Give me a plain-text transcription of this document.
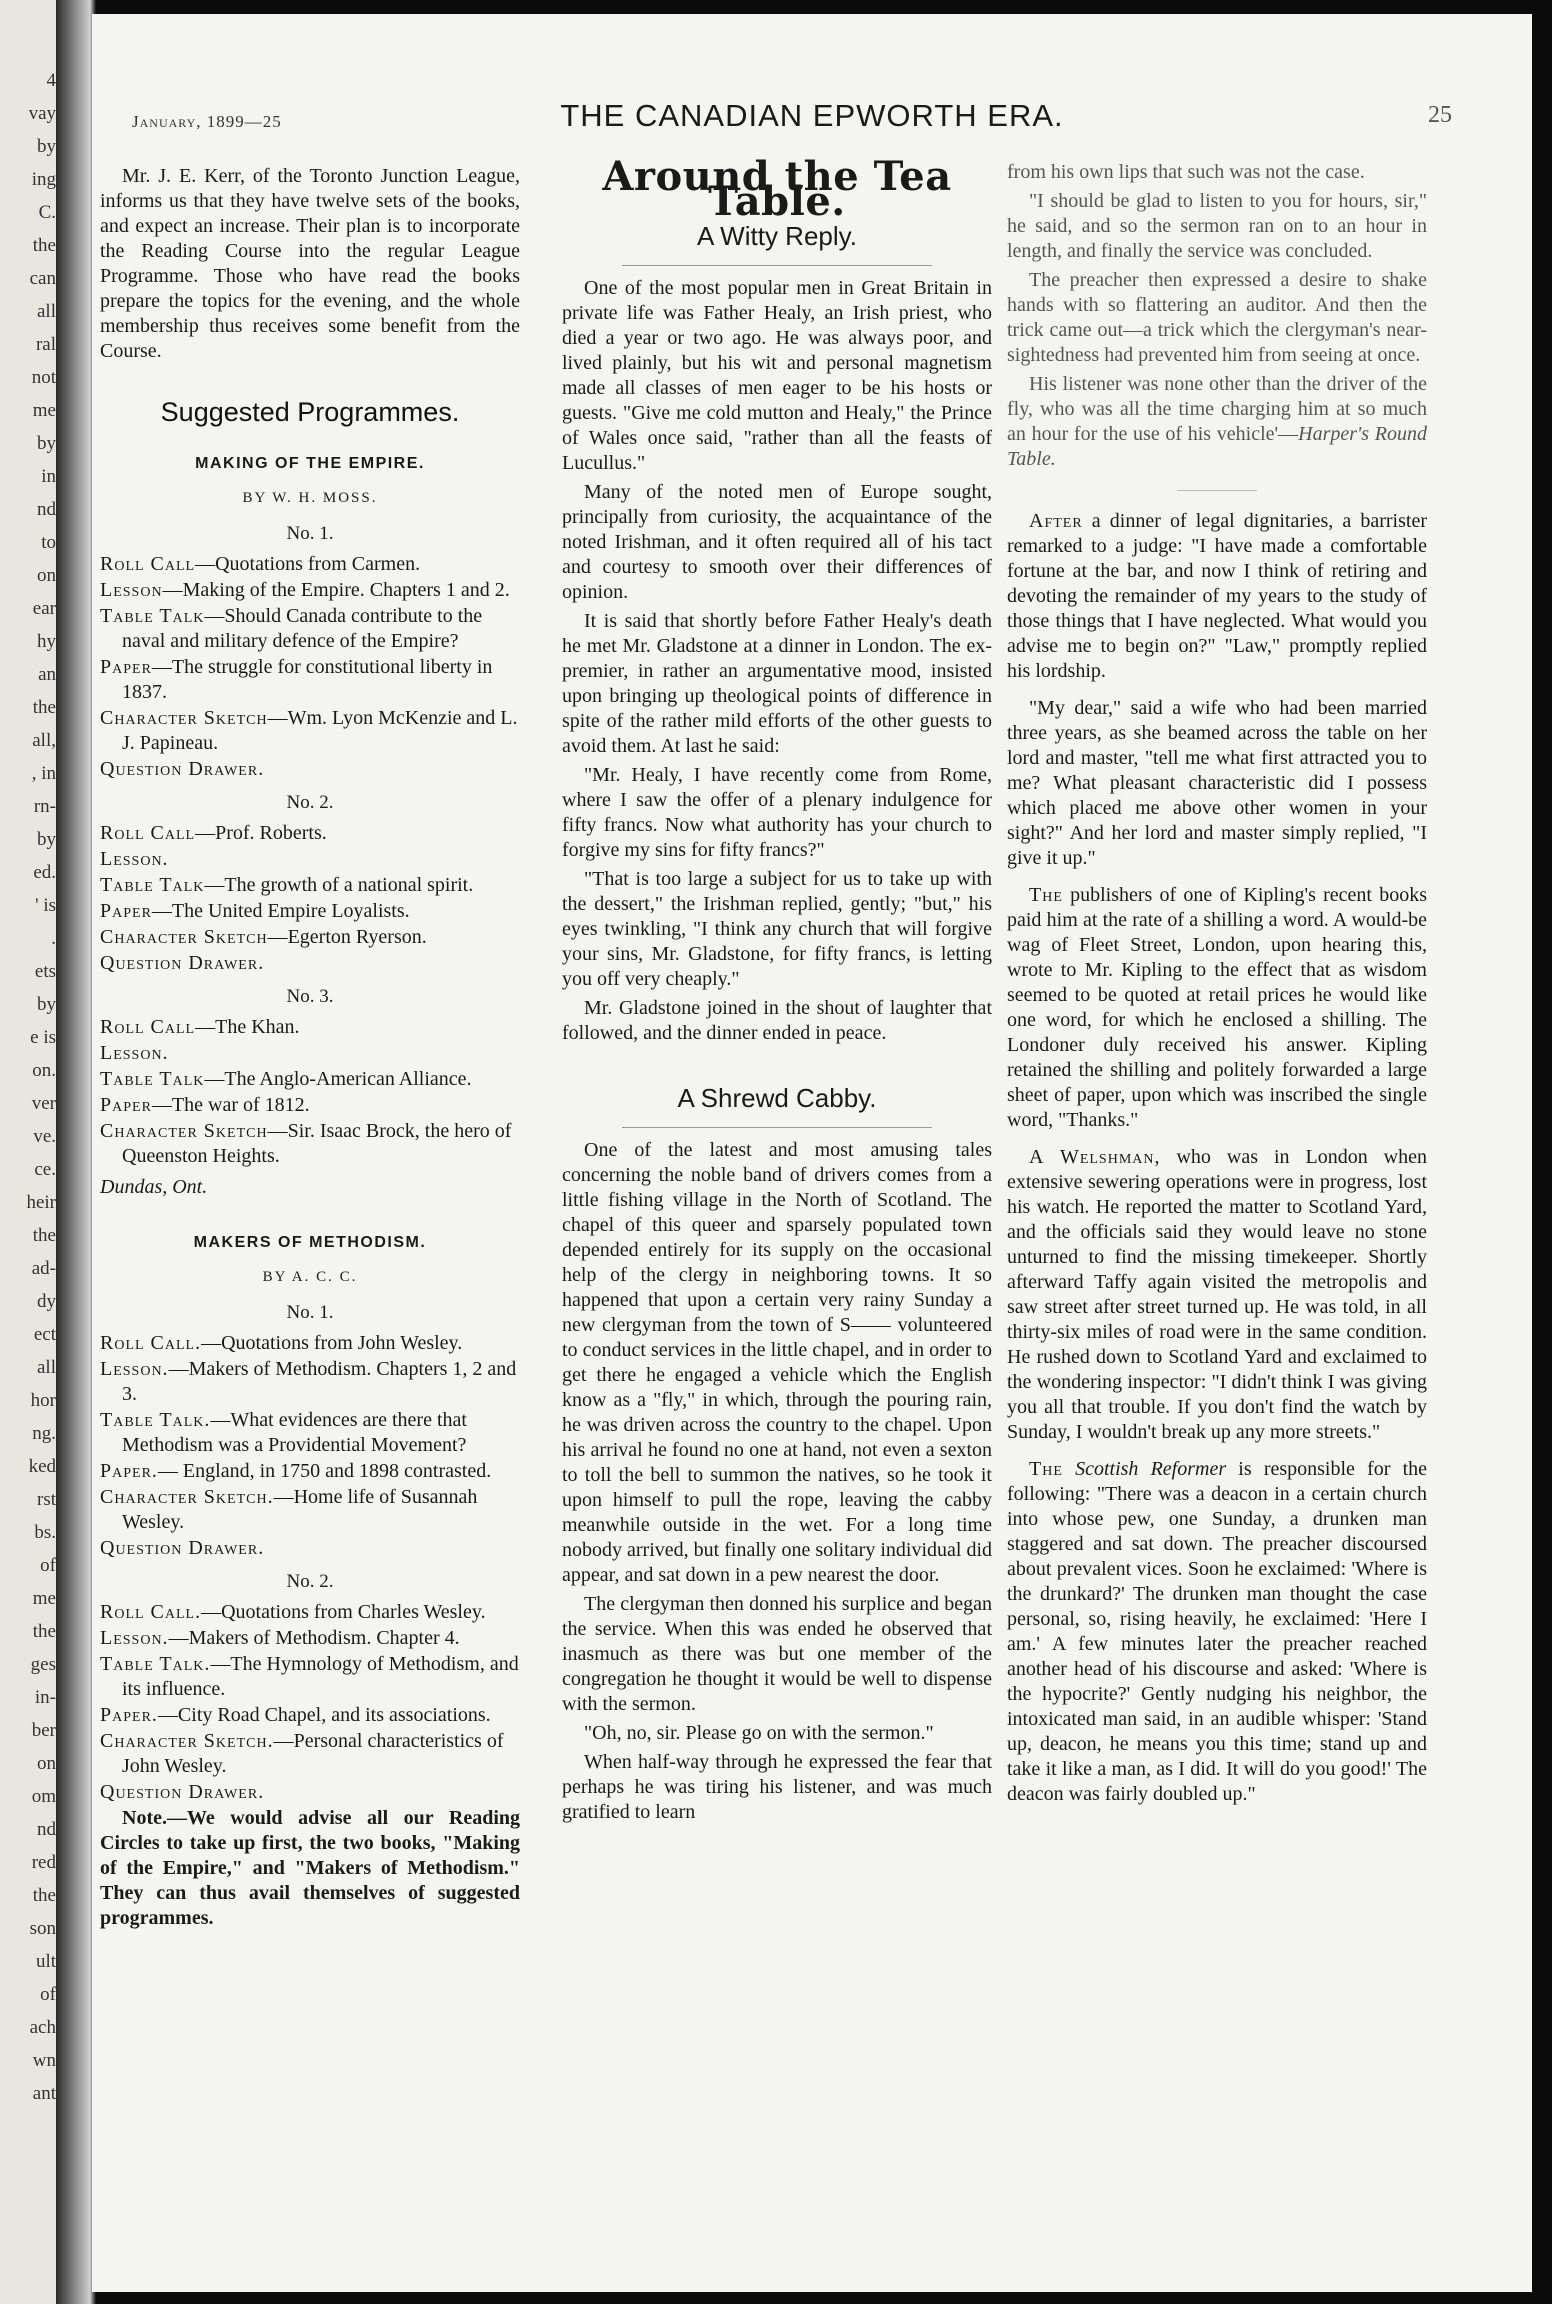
4
vay
by
ing
C.
the
can
all
ral
not
me
by
in
nd
to
on
ear
hy
an
the
all,
, in
rn-
by
ed.
' is
.
ets
by
e is
on.
ver
ve.
ce.
heir
the
ad-
dy
ect
all
hor
ng.
ked
rst
bs.
of
me
the
ges
in-
ber
on
om
nd
red
the
son
ult
of
ach
wn
ant
January, 1899—25	THE CANADIAN EPWORTH ERA.	25

Mr. J. E. Kerr, of the Toronto Junction League, informs us that they have twelve sets of the books, and expect an increase. Their plan is to incorporate the Reading Course into the regular League Programme. Those who have read the books prepare the topics for the evening, and the whole membership thus receives some benefit from the Course.

Suggested Programmes.
MAKING OF THE EMPIRE.
BY W. H. MOSS.
No. 1.
Roll Call—Quotations from Carmen.
Lesson—Making of the Empire. Chapters 1 and 2.
Table Talk—Should Canada contribute to the naval and military defence of the Empire?
Paper—The struggle for constitutional liberty in 1837.
Character Sketch—Wm. Lyon McKenzie and L. J. Papineau.
Question Drawer.
No. 2.
Roll Call—Prof. Roberts.
Lesson.
Table Talk—The growth of a national spirit.
Paper—The United Empire Loyalists.
Character Sketch—Egerton Ryerson.
Question Drawer.
No. 3.
Roll Call—The Khan.
Lesson.
Table Talk—The Anglo-American Alliance.
Paper—The war of 1812.
Character Sketch—Sir. Isaac Brock, the hero of Queenston Heights.
Dundas, Ont.
MAKERS OF METHODISM.
BY A. C. C.
No. 1.
Roll Call.—Quotations from John Wesley.
Lesson.—Makers of Methodism. Chapters 1, 2 and 3.
Table Talk.—What evidences are there that Methodism was a Providential Movement?
Paper.— England, in 1750 and 1898 contrasted.
Character Sketch.—Home life of Susannah Wesley.
Question Drawer.
No. 2.
Roll Call.—Quotations from Charles Wesley.
Lesson.—Makers of Methodism. Chapter 4.
Table Talk.—The Hymnology of Methodism, and its influence.
Paper.—City Road Chapel, and its associations.
Character Sketch.—Personal characteristics of John Wesley.
Question Drawer.

Note.—We would advise all our Reading Circles to take up first, the two books, "Making of the Empire," and "Makers of Methodism." They can thus avail themselves of suggested programmes.

Around the Tea Table.
A Witty Reply.

One of the most popular men in Great Britain in private life was Father Healy, an Irish priest, who died a year or two ago. He was always poor, and lived plainly, but his wit and personal magnetism made all classes of men eager to be his hosts or guests. "Give me cold mutton and Healy," the Prince of Wales once said, "rather than all the feasts of Lucullus."

Many of the noted men of Europe sought, principally from curiosity, the acquaintance of the noted Irishman, and it often required all of his tact and courtesy to smooth over their differences of opinion.

It is said that shortly before Father Healy's death he met Mr. Gladstone at a dinner in London. The ex-premier, in rather an argumentative mood, insisted upon bringing up theological points of difference in spite of the rather mild efforts of the other guests to avoid them. At last he said:

"Mr. Healy, I have recently come from Rome, where I saw the offer of a plenary indulgence for fifty francs. Now what authority has your church to forgive my sins for fifty francs?"

"That is too large a subject for us to take up with the dessert," the Irishman replied, gently; "but," his eyes twinkling, "I think any church that will forgive your sins, Mr. Gladstone, for fifty francs, is letting you off very cheaply."

Mr. Gladstone joined in the shout of laughter that followed, and the dinner ended in peace.

A Shrewd Cabby.

One of the latest and most amusing tales concerning the noble band of drivers comes from a little fishing village in the North of Scotland. The chapel of this queer and sparsely populated town depended entirely for its supply on the occasional help of the clergy in neighboring towns. It so happened that upon a certain very rainy Sunday a new clergyman from the town of S—— volunteered to conduct services in the little chapel, and in order to get there he engaged a vehicle which the English know as a "fly," in which, through the pouring rain, he was driven across the country to the chapel. Upon his arrival he found no one at hand, not even a sexton to toll the bell to summon the natives, so he took it upon himself to pull the rope, leaving the cabby meanwhile outside in the wet. For a long time nobody arrived, but finally one solitary individual did appear, and sat down in a pew nearest the door.

The clergyman then donned his surplice and began the service. When this was ended he observed that inasmuch as there was but one member of the congregation he thought it would be well to dispense with the sermon.

"Oh, no, sir. Please go on with the sermon."

When half-way through he expressed the fear that perhaps he was tiring his listener, and was much gratified to learn

from his own lips that such was not the case.

"I should be glad to listen to you for hours, sir," he said, and so the sermon ran on to an hour in length, and finally the service was concluded.

The preacher then expressed a desire to shake hands with so flattering an auditor. And then the trick came out—a trick which the clergyman's near-sightedness had prevented him from seeing at once.

His listener was none other than the driver of the fly, who was all the time charging him at so much an hour for the use of his vehicle'—Harper's Round Table.

After a dinner of legal dignitaries, a barrister remarked to a judge: "I have made a comfortable fortune at the bar, and now I think of retiring and devoting the remainder of my years to the study of those things that I have neglected. What would you advise me to begin on?" "Law," promptly replied his lordship.

"My dear," said a wife who had been married three years, as she beamed across the table on her lord and master, "tell me what first attracted you to me? What pleasant characteristic did I possess which placed me above other women in your sight?" And her lord and master simply replied, "I give it up."

The publishers of one of Kipling's recent books paid him at the rate of a shilling a word. A would-be wag of Fleet Street, London, upon hearing this, wrote to Mr. Kipling to the effect that as wisdom seemed to be quoted at retail prices he would like one word, for which he enclosed a shilling. The Londoner duly received his answer. Kipling retained the shilling and politely forwarded a large sheet of paper, upon which was inscribed the single word, "Thanks."

A Welshman, who was in London when extensive sewering operations were in progress, lost his watch. He reported the matter to Scotland Yard, and the officials said they would leave no stone unturned to find the missing timekeeper. Shortly afterward Taffy again visited the metropolis and saw street after street turned up. He was told, in all thirty-six miles of road were in the same condition. He rushed down to Scotland Yard and exclaimed to the wondering inspector: "I didn't think I was giving you all that trouble. If you don't find the watch by Sunday, I wouldn't break up any more streets."

The Scottish Reformer is responsible for the following: "There was a deacon in a certain church into whose pew, one Sunday, a drunken man staggered and sat down. The preacher discoursed about prevalent vices. Soon he exclaimed: 'Where is the drunkard?' The drunken man thought the case personal, so, rising heavily, he exclaimed: 'Here I am.' A few minutes later the preacher reached another head of his discourse and asked: 'Where is the hypocrite?' Gently nudging his neighbor, the intoxicated man said, in an audible whisper: 'Stand up, deacon, he means you this time; stand up and take it like a man, as I did. It will do you good!' The deacon was fairly doubled up."
